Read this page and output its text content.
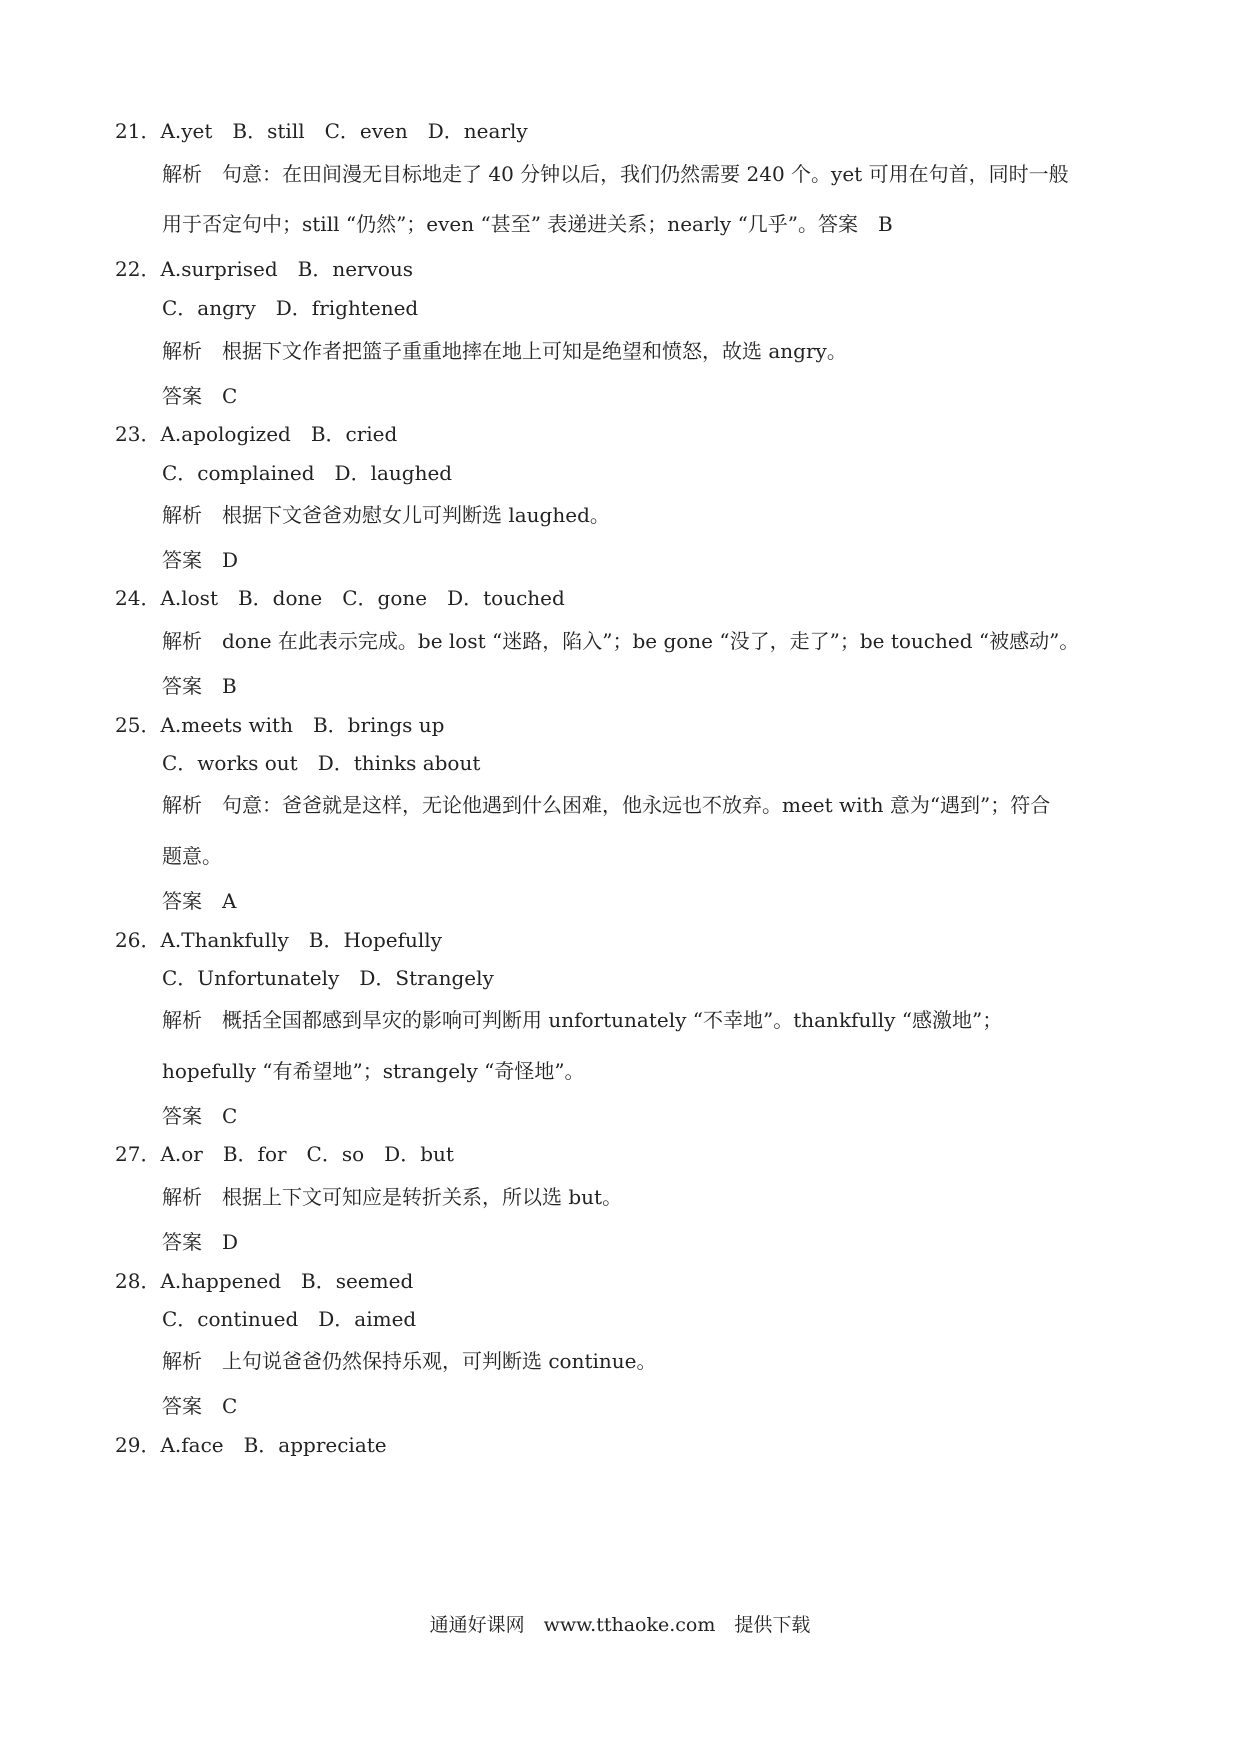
21．A.yet　B．still　C．even　D．nearly
解析　句意：在田间漫无目标地走了 40 分钟以后，我们仍然需要 240 个。yet 可用在句首，同时一般
用于否定句中；still “仍然”；even “甚至” 表递进关系；nearly “几乎”。答案　B
22．A.surprised　B．nervous
C．angry　D．frightened
解析　根据下文作者把篮子重重地摔在地上可知是绝望和愤怒，故选 angry。
答案　C
23．A.apologized　B．cried
C．complained　D．laughed
解析　根据下文爸爸劝慰女儿可判断选 laughed。
答案　D
24．A.lost　B．done　C．gone　D．touched
解析　done 在此表示完成。be lost “迷路，陷入”；be gone “没了，走了”；be touched “被感动”。
答案　B
25．A.meets with　B．brings up
C．works out　D．thinks about
解析　句意：爸爸就是这样，无论他遇到什么困难，他永远也不放弃。meet with 意为“遇到”；符合
题意。
答案　A
26．A.Thankfully　B．Hopefully
C．Unfortunately　D．Strangely
解析　概括全国都感到旱灾的影响可判断用 unfortunately “不幸地”。thankfully “感激地”；
hopefully “有希望地”；strangely “奇怪地”。
答案　C
27．A.or　B．for　C．so　D．but
解析　根据上下文可知应是转折关系，所以选 but。
答案　D
28．A.happened　B．seemed
C．continued　D．aimed
解析　上句说爸爸仍然保持乐观，可判断选 continue。
答案　C
29．A.face　B．appreciate
通通好课网　www.tthaoke.com　提供下载
